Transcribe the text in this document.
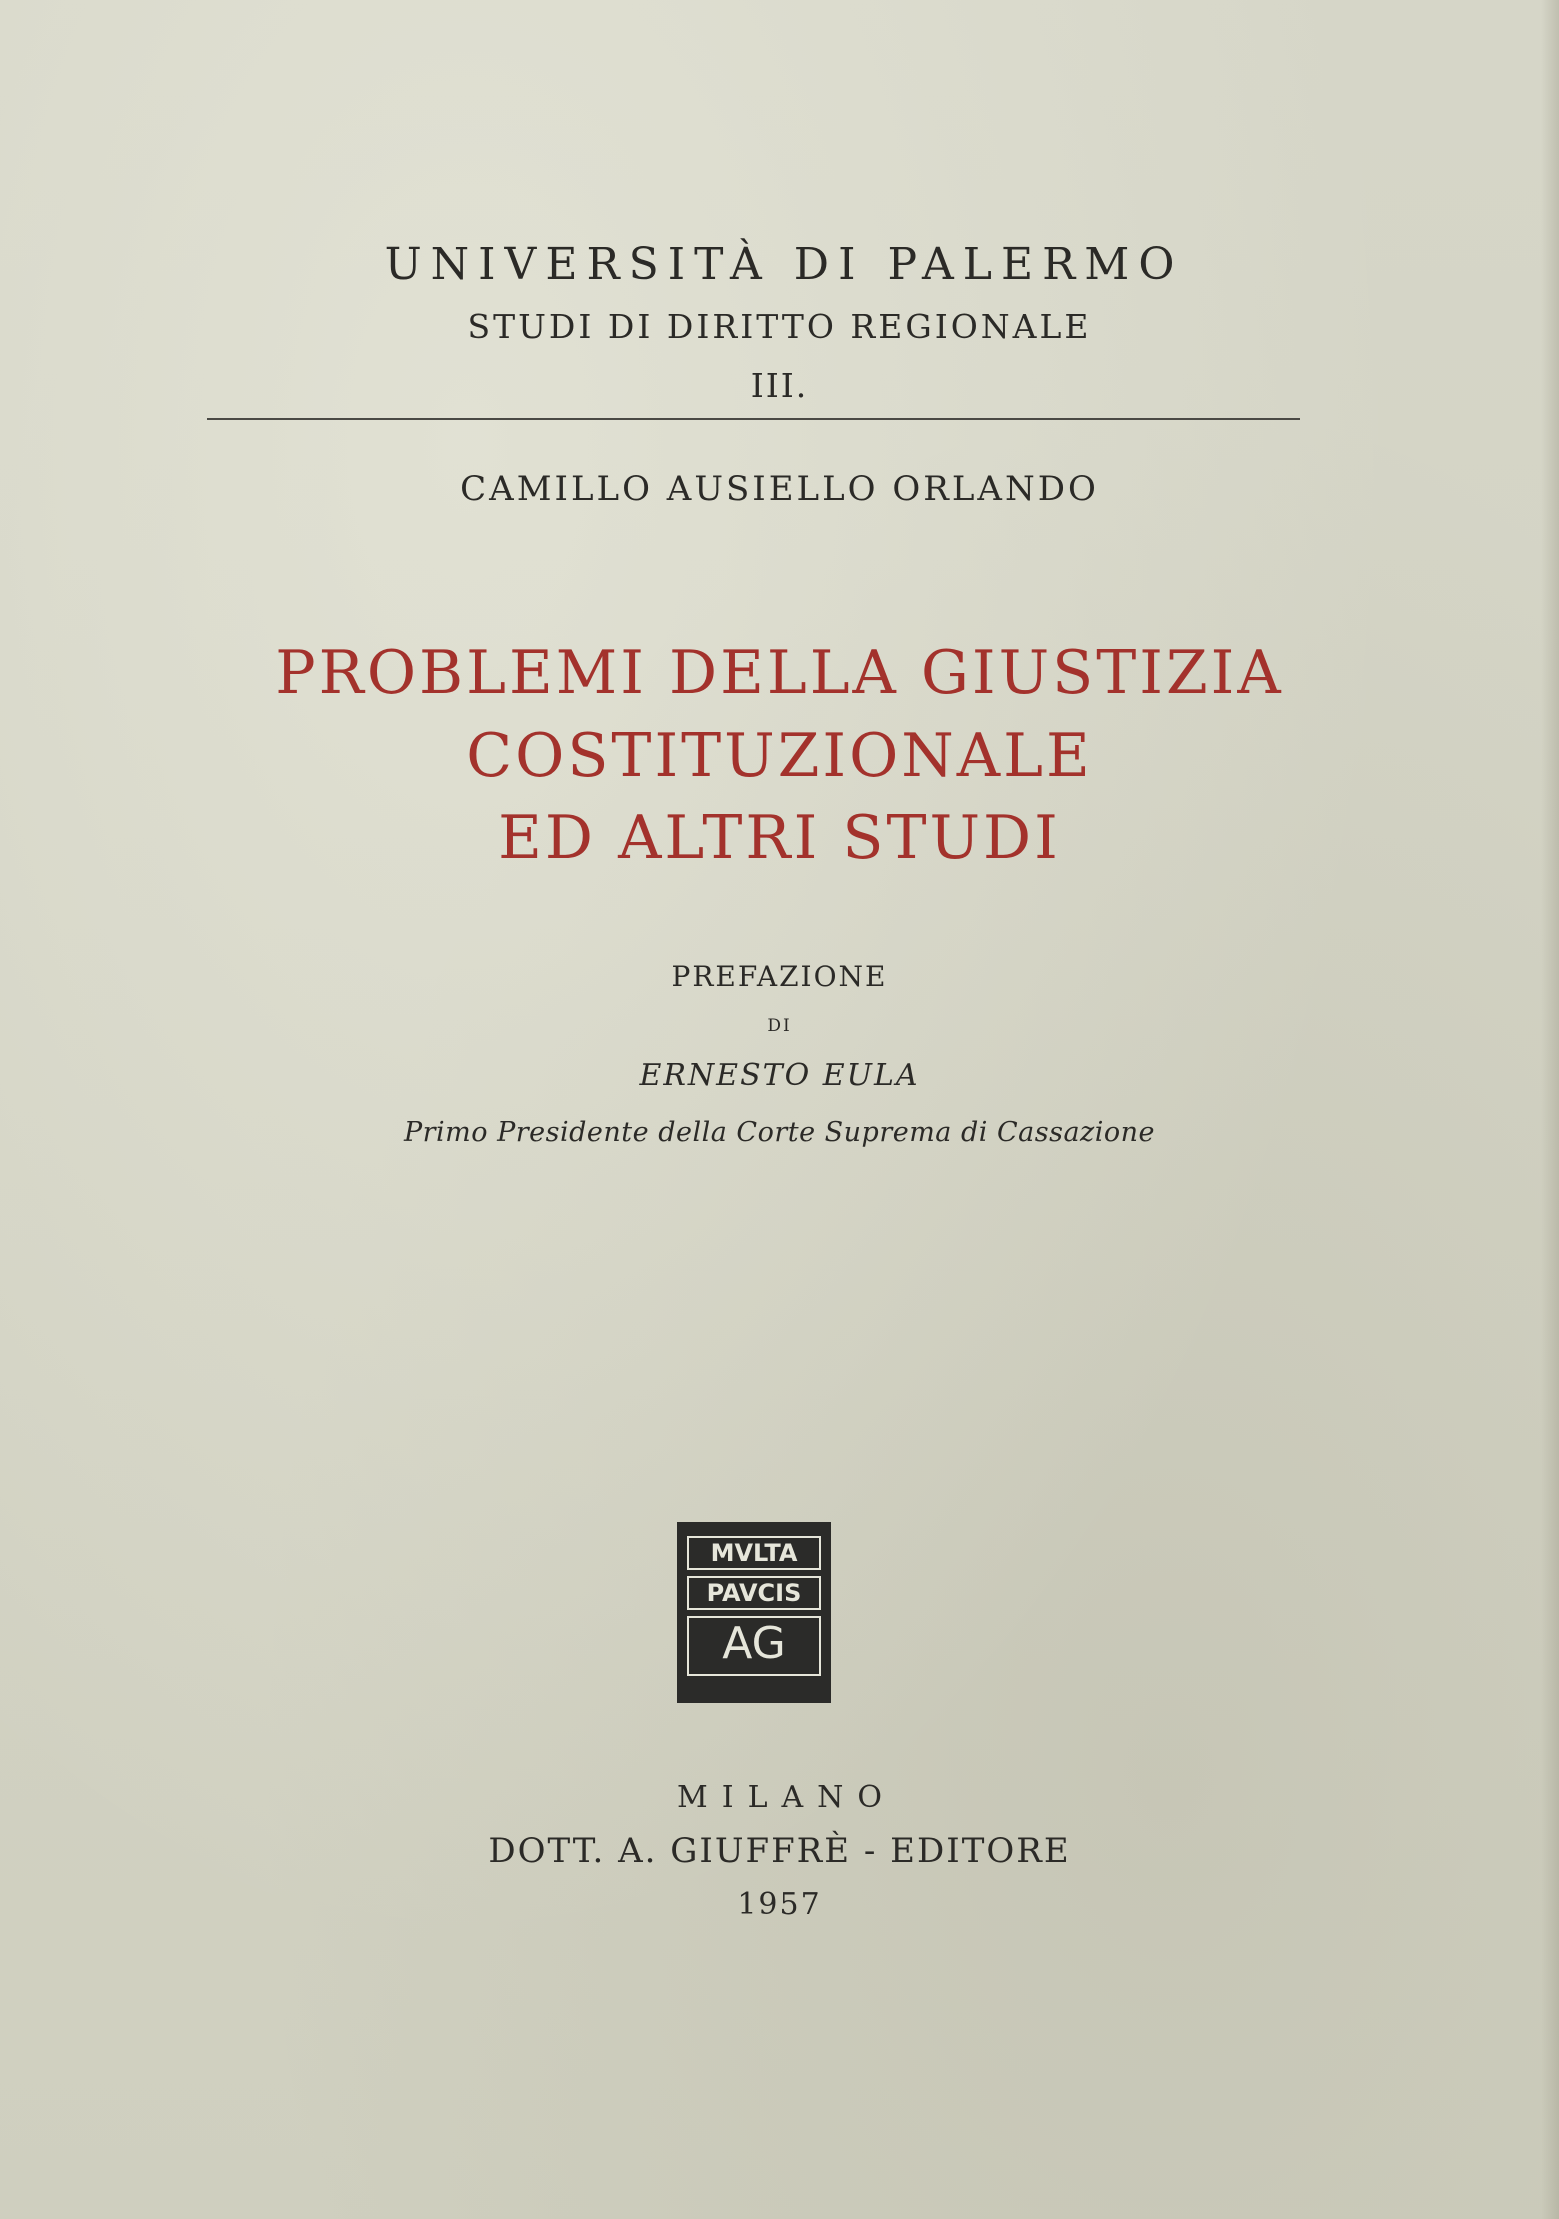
UNIVERSITÀ DI PALERMO
STUDI DI DIRITTO REGIONALE
III.
CAMILLO AUSIELLO ORLANDO
PROBLEMI DELLA GIUSTIZIA
COSTITUZIONALE
ED ALTRI STUDI
PREFAZIONE
DI
ERNESTO EULA
Primo Presidente della Corte Suprema di Cassazione
MVLTA
PAVCIS
AG
MILANO
DOTT. A. GIUFFRÈ - EDITORE
1957
